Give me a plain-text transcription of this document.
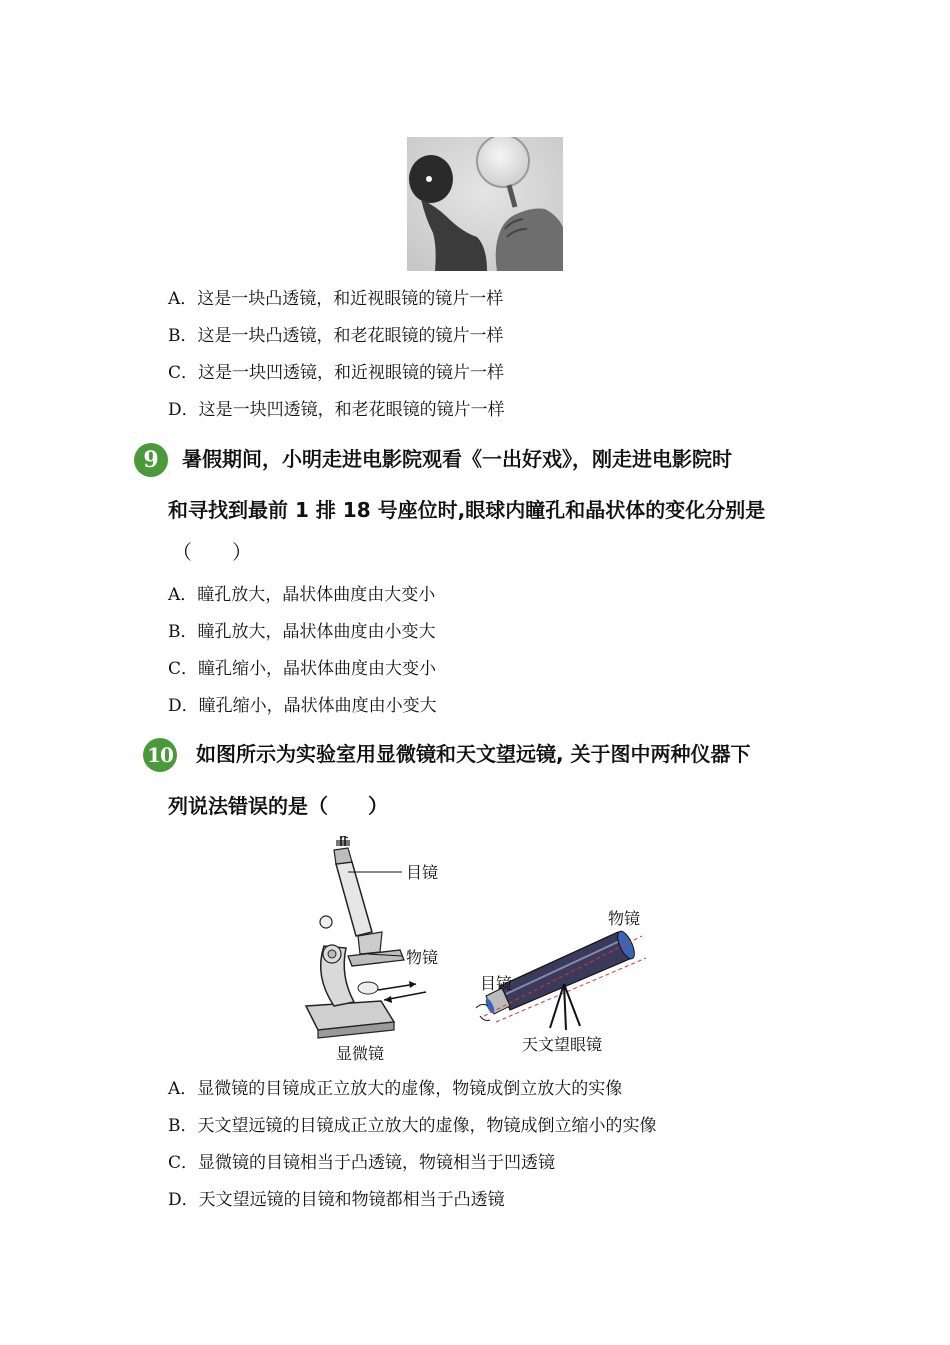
A．这是一块凸透镜，和近视眼镜的镜片一样
B．这是一块凸透镜，和老花眼镜的镜片一样
C．这是一块凹透镜，和近视眼镜的镜片一样
D．这是一块凹透镜，和老花眼镜的镜片一样
9	暑假期间，小明走进电影院观看《一出好戏》，刚走进电影院时
和寻找到最前 1 排 18 号座位时,眼球内瞳孔和晶状体的变化分别是
（　　）
A．瞳孔放大，晶状体曲度由大变小
B．瞳孔放大，晶状体曲度由小变大
C．瞳孔缩小，晶状体曲度由大变小
D．瞳孔缩小，晶状体曲度由小变大
10 如图所示为实验室用显微镜和天文望远镜, 关于图中两种仪器下
列说法错误的是（　　）
目镜
物镜
显微镜
物镜
目镜
天文望眼镜
A．显微镜的目镜成正立放大的虚像，物镜成倒立放大的实像
B．天文望远镜的目镜成正立放大的虚像，物镜成倒立缩小的实像
C．显微镜的目镜相当于凸透镜，物镜相当于凹透镜
D．天文望远镜的目镜和物镜都相当于凸透镜
